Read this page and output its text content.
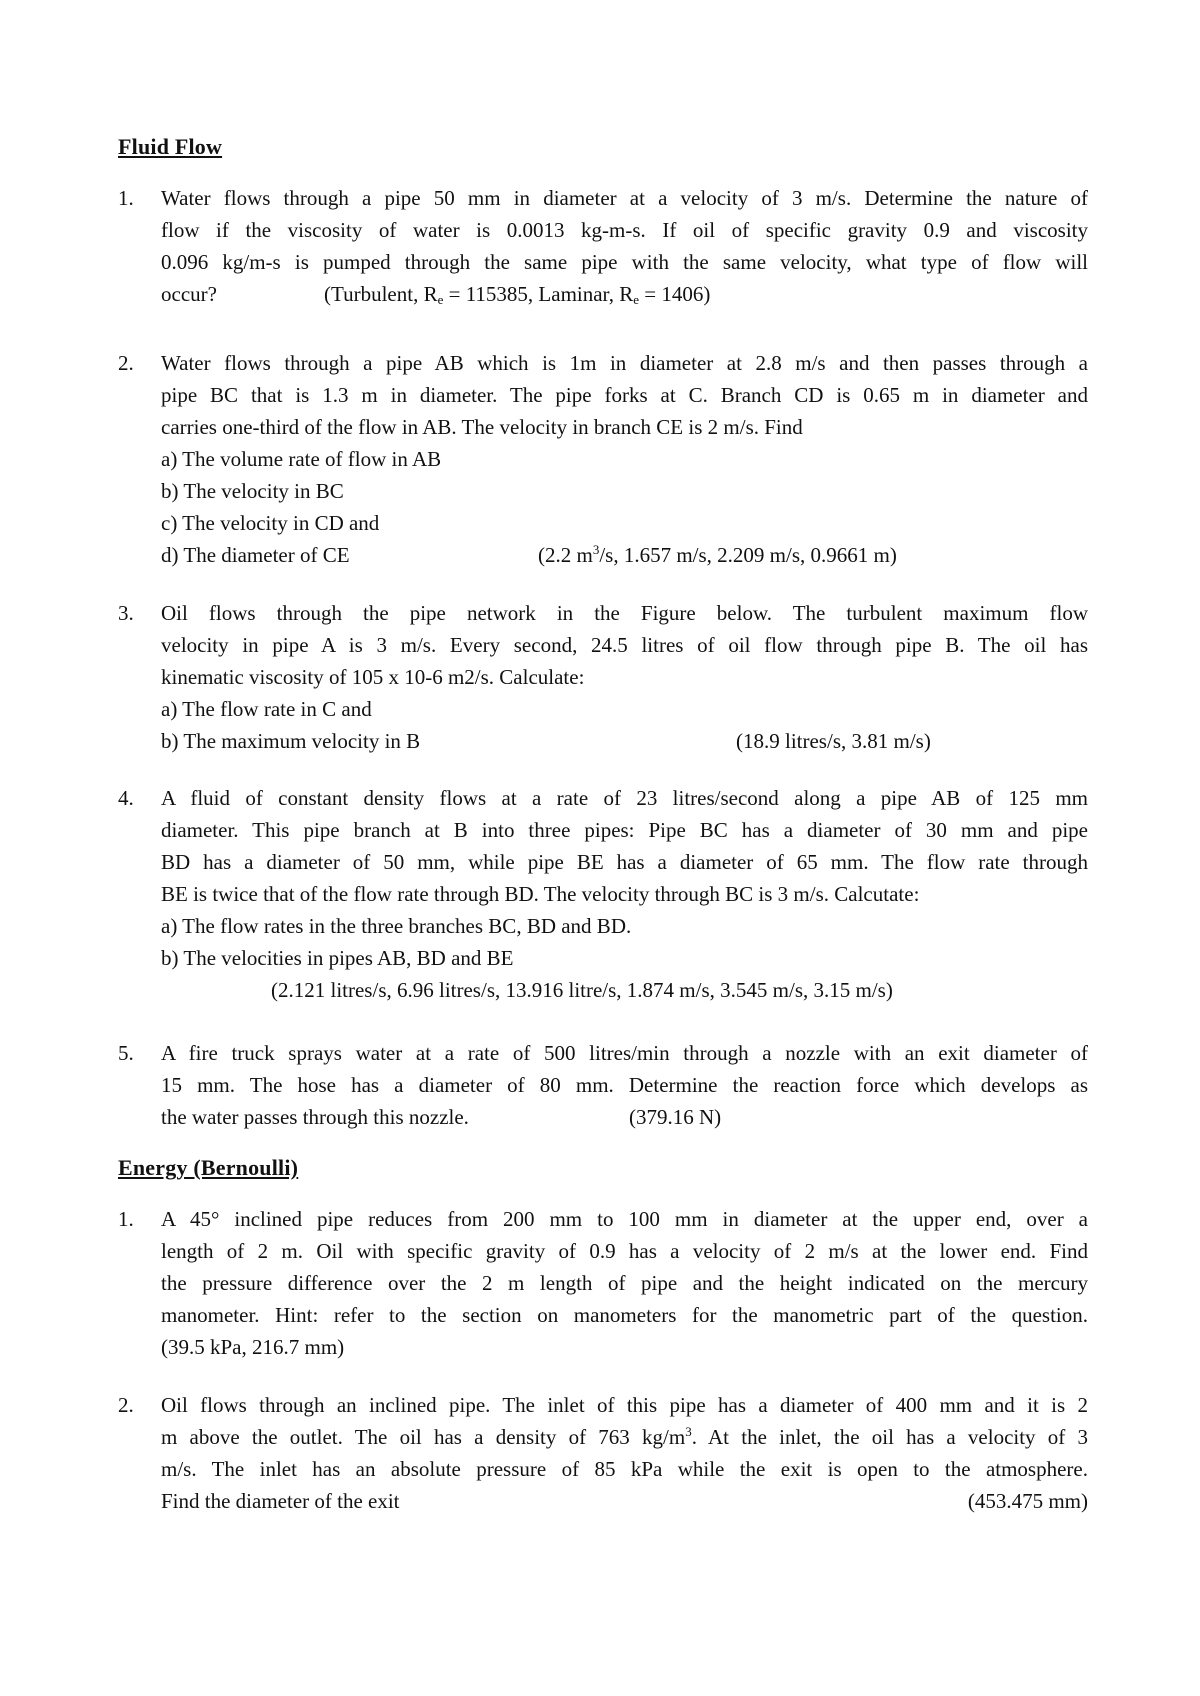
Fluid Flow
1.	Water flows through a pipe 50 mm in diameter at a velocity of 3 m/s. Determine the nature of
flow if the viscosity of water is 0.0013 kg-m-s. If oil of specific gravity 0.9 and viscosity
0.096 kg/m-s is pumped through the same pipe with the same velocity, what type of flow will
occur?	(Turbulent, $R_e = 115385$, Laminar, $R_e = 1406$)
2.	Water flows through a pipe AB which is 1m in diameter at 2.8 m/s and then passes through a
pipe BC that is 1.3 m in diameter. The pipe forks at C. Branch CD is 0.65 m in diameter and
carries one-third of the flow in AB. The velocity in branch CE is 2 m/s. Find
a) The volume rate of flow in AB
b) The velocity in BC
c) The velocity in CD and
d) The diameter of CE	(2.2 $m^3/s$, 1.657 m/s, 2.209 m/s, 0.9661 m)
3.	Oil flows through the pipe network in the Figure below. The turbulent maximum flow
velocity in pipe A is 3 m/s. Every second, 24.5 litres of oil flow through pipe B. The oil has
kinematic viscosity of 105 x 10-6 m2/s. Calculate:
a) The flow rate in C and
b) The maximum velocity in B	(18.9 litres/s, 3.81 m/s)
4.	A fluid of constant density flows at a rate of 23 litres/second along a pipe AB of 125 mm
diameter. This pipe branch at B into three pipes: Pipe BC has a diameter of 30 mm and pipe
BD has a diameter of 50 mm, while pipe BE has a diameter of 65 mm. The flow rate through
BE is twice that of the flow rate through BD. The velocity through BC is 3 m/s. Calcutate:
a) The flow rates in the three branches BC, BD and BD.
b) The velocities in pipes AB, BD and BE
(2.121 litres/s, 6.96 litres/s, 13.916 litre/s, 1.874 m/s, 3.545 m/s, 3.15 m/s)
5.	A fire truck sprays water at a rate of 500 litres/min through a nozzle with an exit diameter of
15 mm. The hose has a diameter of 80 mm. Determine the reaction force which develops as
the water passes through this nozzle.	(379.16 N)
Energy (Bernoulli)
1.	A 45° inclined pipe reduces from 200 mm to 100 mm in diameter at the upper end, over a
length of 2 m. Oil with specific gravity of 0.9 has a velocity of 2 m/s at the lower end. Find
the pressure difference over the 2 m length of pipe and the height indicated on the mercury
manometer. Hint: refer to the section on manometers for the manometric part of the question.
(39.5 kPa, 216.7 mm)
2.	Oil flows through an inclined pipe. The inlet of this pipe has a diameter of 400 mm and it is 2
m above the outlet. The oil has a density of 763 $kg/m^3$. At the inlet, the oil has a velocity of 3
m/s. The inlet has an absolute pressure of 85 kPa while the exit is open to the atmosphere.
Find the diameter of the exit	(453.475 mm)
